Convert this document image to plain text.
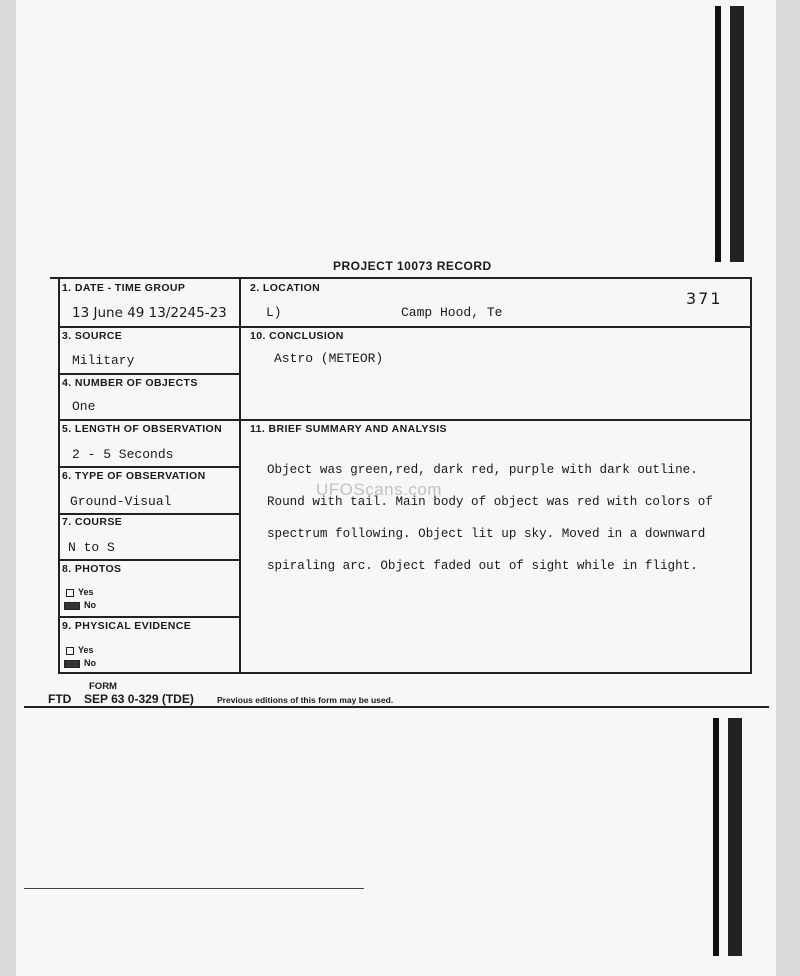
PROJECT 10073 RECORD
1. DATE - TIME GROUP
13 June 49 13/2245-23
2. LOCATION
L)	Camp Hood, Te
371
3. SOURCE
Military
10. CONCLUSION
Astro (METEOR)
4. NUMBER OF OBJECTS
One
5. LENGTH OF OBSERVATION
2 - 5 Seconds
11. BRIEF SUMMARY AND ANALYSIS

Object was green,red, dark red, purple with dark outline.

Round with tail. Main body of object was red with colors of

spectrum following. Object lit up sky. Moved in a downward

spiraling arc. Object faded out of sight while in flight.

UFOScans.com
6. TYPE OF OBSERVATION
Ground-Visual
7. COURSE
N to S
8. PHOTOS
Yes
No
9. PHYSICAL EVIDENCE
Yes
No
FORM
FTD SEP 63 0-329 (TDE)	Previous editions of this form may be used.
